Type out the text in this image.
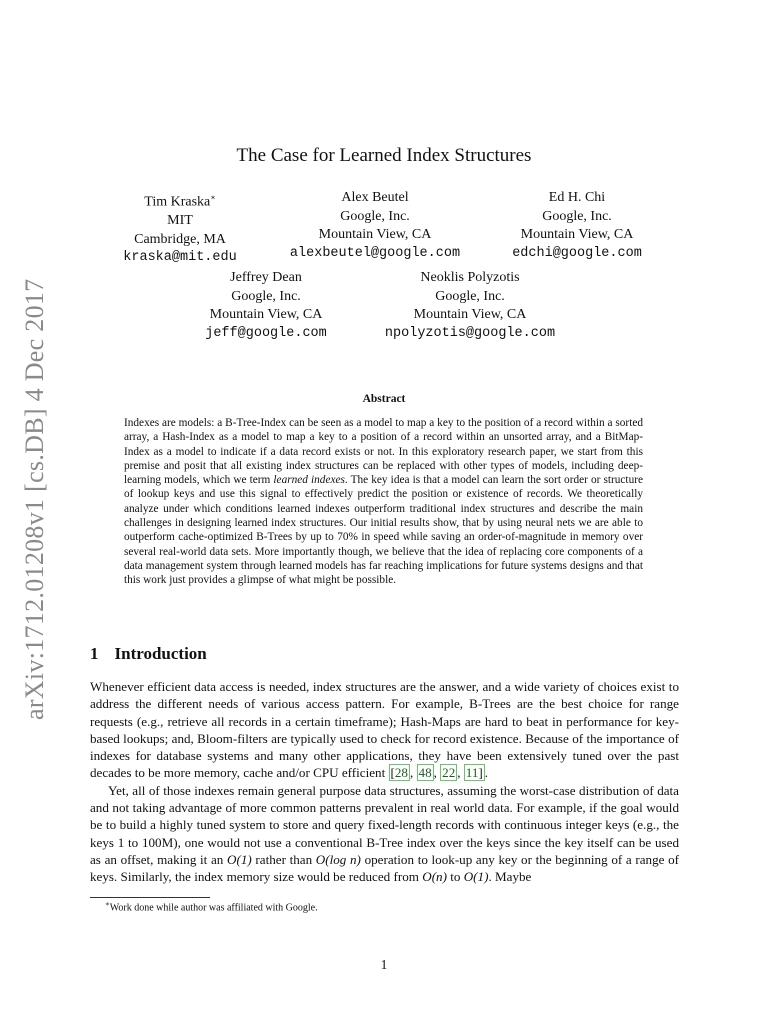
arXiv:1712.01208v1 [cs.DB] 4 Dec 2017
The Case for Learned Index Structures
Tim Kraska∗
MIT
Cambridge, MA
kraska@mit.edu
Alex Beutel
Google, Inc.
Mountain View, CA
alexbeutel@google.com
Ed H. Chi
Google, Inc.
Mountain View, CA
edchi@google.com
Jeffrey Dean
Google, Inc.
Mountain View, CA
jeff@google.com
Neoklis Polyzotis
Google, Inc.
Mountain View, CA
npolyzotis@google.com
Abstract
Indexes are models: a B-Tree-Index can be seen as a model to map a key to the position of a record within a sorted array, a Hash-Index as a model to map a key to a position of a record within an unsorted array, and a BitMap-Index as a model to indicate if a data record exists or not. In this exploratory research paper, we start from this premise and posit that all existing index structures can be replaced with other types of models, including deep-learning models, which we term learned indexes. The key idea is that a model can learn the sort order or structure of lookup keys and use this signal to effectively predict the position or existence of records. We theoretically analyze under which conditions learned indexes outperform traditional index structures and describe the main challenges in designing learned index structures. Our initial results show, that by using neural nets we are able to outperform cache-optimized B-Trees by up to 70% in speed while saving an order-of-magnitude in memory over several real-world data sets. More importantly though, we believe that the idea of replacing core components of a data management system through learned models has far reaching implications for future systems designs and that this work just provides a glimpse of what might be possible.
1 Introduction

Whenever efficient data access is needed, index structures are the answer, and a wide variety of choices exist to address the different needs of various access pattern. For example, B-Trees are the best choice for range requests (e.g., retrieve all records in a certain timeframe); Hash-Maps are hard to beat in performance for key-based lookups; and, Bloom-filters are typically used to check for record existence. Because of the importance of indexes for database systems and many other applications, they have been extensively tuned over the past decades to be more memory, cache and/or CPU efficient [28 , 48 , 22 , 11] .

Yet, all of those indexes remain general purpose data structures, assuming the worst-case distribution of data and not taking advantage of more common patterns prevalent in real world data. For example, if the goal would be to build a highly tuned system to store and query fixed-length records with continuous integer keys (e.g., the keys 1 to 100M), one would not use a conventional B-Tree index over the keys since the key itself can be used as an offset, making it an O(1) rather than O(log n) operation to look-up any key or the beginning of a range of keys. Similarly, the index memory size would be reduced from O(n) to O(1). Maybe

∗Work done while author was affiliated with Google.
1
